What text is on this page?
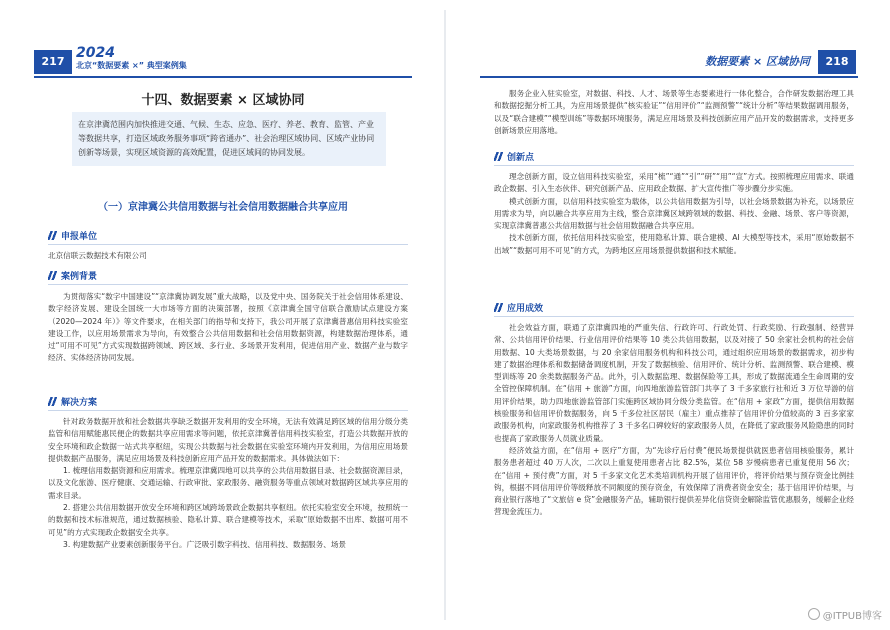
217
2024
北京“数据要素 ×” 典型案例集
十四、数据要素 × 区域协同
在京津冀范围内加快推进交通、气候、生态、应急、医疗、养老、教育、监管、产业等数据共享，打造区域政务服务事项“跨省通办”、社会治理区域协同、区域产业协同创新等场景，实现区域资源的高效配置，促进区域间的协同发展。
（一）京津冀公共信用数据与社会信用数据融合共享应用
申报单位
北京信联云数据技术有限公司
案例背景
为贯彻落实“数字中国建设”“京津冀协调发展”重大战略，以及党中央、国务院关于社会信用体系建设、数字经济发展、建设全国统一大市场等方面的决策部署，按照《京津冀全国守信联合激励试点建设方案（2020—2024 年）》等文件要求，在相关部门的指导和支持下，我公司开展了京津冀普惠信用科技实验室建设工作，以应用场景需求为导向，有效整合公共信用数据和社会信用数据资源，构建数据治理体系，通过“可用不可见”方式实现数据跨领域、跨区域、多行业、多场景开发利用，促进信用产业、数据产业与数字经济、实体经济协同发展。
解决方案

针对政务数据开放和社会数据共享缺乏数据开发利用的安全环境，无法有效满足跨区域的信用分级分类监管和信用赋能惠民便企的数据共享应用需求等问题，依托京津冀普信用科技实验室，打造公共数据开放的安全环境和政企数据一站式共享枢纽，实现公共数据与社会数据在实验室环境内开发利用，为信用应用场景提供数据产品服务，满足应用场景及科技创新应用产品开发的数据需求。具体做法如下：

1. 梳理信用数据资源和应用需求。梳理京津冀四地可以共享的公共信用数据目录、社会数据资源目录，以及文化旅游、医疗健康、交通运输、行政审批、家政服务、融资服务等重点领域对数据跨区域共享应用的需求目录。

2. 搭建公共信用数据开放安全环境和跨区域跨场景政企数据共享枢纽。依托实验室安全环境，按照统一的数据和技术标准规范，通过数据核验、隐私计算、联合建模等技术，采取“原始数据不出库、数据可用不可见”的方式实现政企数据安全共享。

3. 构建数据产业要素创新服务平台。广泛吸引数字科技、信用科技、数据服务、场景

数据要素 × 区域协同	218
服务企业入驻实验室，对数据、科技、人才、场景等生态要素进行一体化整合，合作研发数据治理工具和数据挖掘分析工具，为应用场景提供“核实验证”“信用评价”“监测预警”“统计分析”等结果数据调用服务，以及“联合建模”“模型训练”等数据环境服务，满足应用场景及科技创新应用产品开发的数据需求，支持更多创新场景应用落地。
创新点

理念创新方面，设立信用科技实验室，采用“梳”“通”“引”“研”“用”“宣”方式。按照梳理应用需求、联通政企数据、引入生态伙伴、研究创新产品、应用政企数据、扩大宣传推广等步骤分步实施。

模式创新方面，以信用科技实验室为载体，以公共信用数据为引导，以社会场景数据为补充，以场景应用需求为导，向以融合共享应用为主线，整合京津冀区域跨领域的数据、科技、金融、场景、客户等资源，实现京津冀普惠公共信用数据与社会信用数据融合共享应用。

技术创新方面，依托信用科技实验室，使用隐私计算、联合建模、AI 大模型等技术，采用“原始数据不出域”“数据可用不可见”的方式，为跨地区应用场景提供数据和技术赋能。

应用成效

社会效益方面，联通了京津冀四地的严重失信、行政许可、行政处罚、行政奖励、行政强制、经营异常、公共信用评价结果、行业信用评价结果等 10 类公共信用数据，以及对接了 50 余家社会机构的社会信用数据、10 大类场景数据，与 20 余家信用服务机构和科技公司，通过组织应用场景的数据需求，初步构建了数据治理体系和数据储备调度机制，开发了数据核验、信用评价、统计分析、监测预警、联合建模、模型训练等 20 余类数据服务产品。此外，引入数据监理、数据保险等工具，形成了数据流通全生命周期的安全管控保障机制。在“信用 + 旅游”方面，向四地旅游监管部门共享了 3 千多家旅行社和近 3 万位导游的信用评价结果，助力四地旅游监管部门实施跨区域协同分级分类监管。在“信用 + 家政”方面，提供信用数据核验服务和信用评价数据服务，向 5 千多位社区居民（雇主）重点推荐了信用评价分值较高的 3 百多家家政服务机构，向家政服务机构推荐了 3 千多名口碑较好的家政服务人员，在降低了家政服务风险隐患的同时也提高了家政服务人员就业质量。

经济效益方面，在“信用 + 医疗”方面，为“先诊疗后付费”便民场景提供就医患者信用核验服务，累计服务患者超过 40 万人次，二次以上重复使用患者占比 82.5%，某位 58 岁慢病患者已重复使用 56 次；在“信用 + 预付费”方面，对 5 千多家文化艺术类培训机构开展了信用评价，将评价结果与预存资金比例挂钩，根据不同信用评价等级释放不同额度的预存资金，有效保障了消费者资金安全；基于信用评价结果，与商业银行落地了“文旅信 e 贷”金融服务产品，辅助银行提供差异化信贷资金解除监管优惠服务，缓解企业经营现金流压力。

@ITPUB博客
